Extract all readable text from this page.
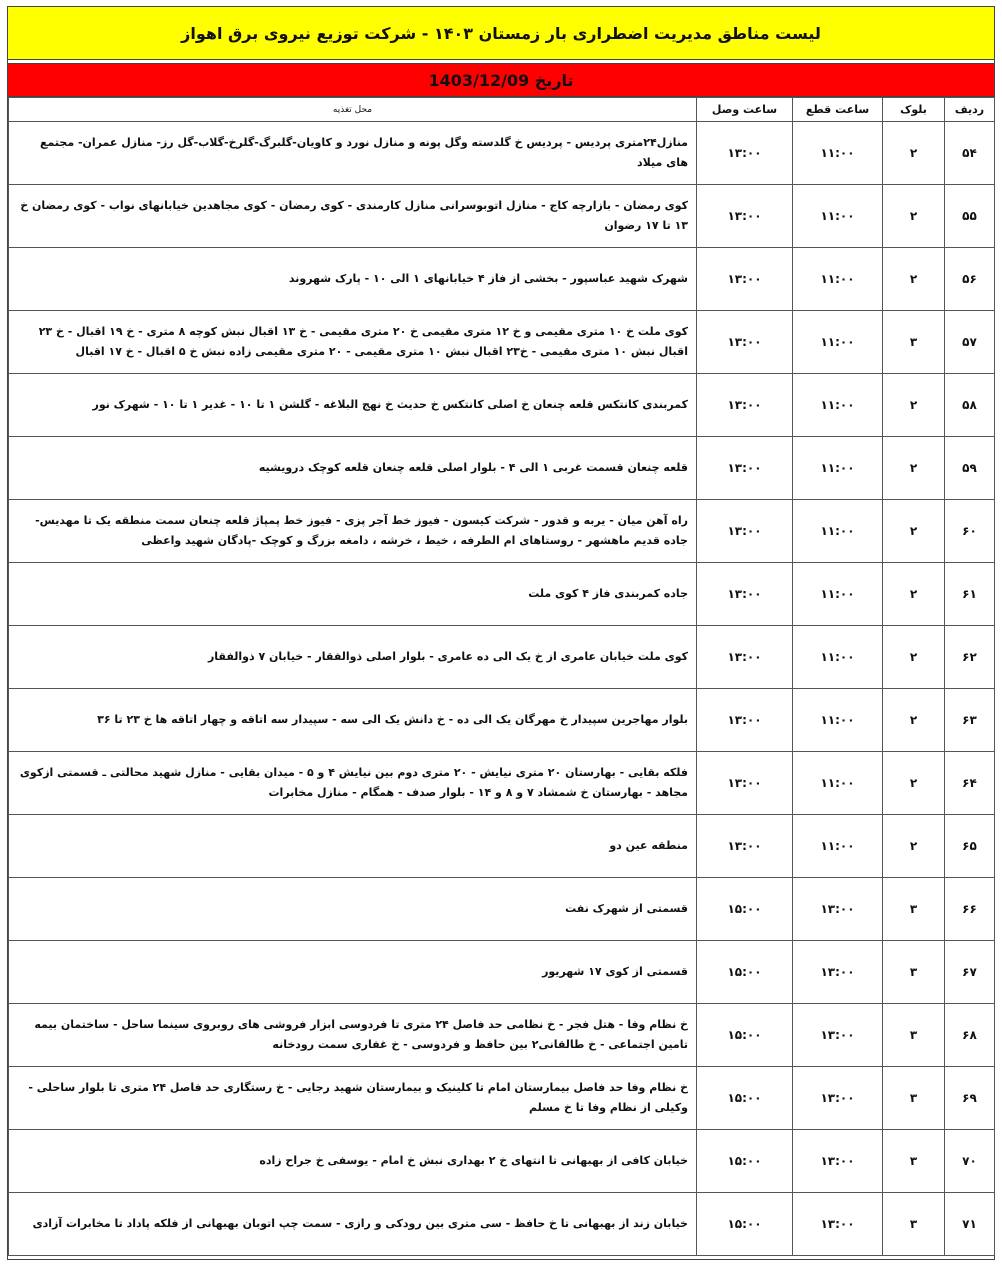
لیست مناطق مدیریت اضطراری بار زمستان ۱۴۰۳ - شرکت توزیع نیروی برق اهواز
تاریخ

1403/12/09
ردیف	بلوک	ساعت قطع	ساعت وصل	محل تغذیه
۵۴	۲	۱۱:۰۰	۱۳:۰۰	منازل۲۴متری پردیس - پردیس خ گلدسته وگل پونه و منازل نورد و کاویان-گلبرگ-گلرخ-گلاب-گل رز- منازل عمران- مجتمع های میلاد
۵۵	۲	۱۱:۰۰	۱۳:۰۰	کوی رمضان - بازارچه کاج - منازل اتوبوسرانی منازل کارمندی - کوی رمضان - کوی مجاهدین خیابانهای نواب - کوی رمضان خ ۱۳ تا ۱۷ رضوان
۵۶	۲	۱۱:۰۰	۱۳:۰۰	شهرک شهید عباسپور - بخشی از فاز ۴ خیابانهای ۱ الی ۱۰ - پارک شهروند
۵۷	۳	۱۱:۰۰	۱۳:۰۰	کوی ملت خ ۱۰ متری مقیمی و خ ۱۲ متری مقیمی خ ۲۰ متری مقیمی - خ ۱۳ اقبال نبش کوچه ۸ متری - خ ۱۹ اقبال - خ ۲۳ اقبال نبش ۱۰ متری مقیمی - خ۲۳ اقبال نبش ۱۰ متری مقیمی - ۲۰ متری مقیمی زاده نبش خ ۵ اقبال - خ ۱۷ اقبال
۵۸	۲	۱۱:۰۰	۱۳:۰۰	کمربندی کانتکس قلعه چنعان خ اصلی کانتکس خ حدیث خ نهج البلاغه - گلشن ۱ تا ۱۰ - غدیر ۱ تا ۱۰ - شهرک نور
۵۹	۲	۱۱:۰۰	۱۳:۰۰	قلعه چنعان قسمت غربی ۱ الی ۴ - بلوار اصلی قلعه چنعان قلعه کوچک درویشیه
۶۰	۲	۱۱:۰۰	۱۳:۰۰	راه آهن میان - یربه و قدور - شرکت کیسون - فیوز خط آجر پزی - فیوز خط پمپاژ قلعه چنعان سمت منطقه یک تا مهدیس-جاده قدیم ماهشهر - روستاهای ام الطرفه ، خیط ، خرشه ، دامغه بزرگ و کوچک -پادگان شهید واعظی
۶۱	۲	۱۱:۰۰	۱۳:۰۰	جاده کمربندی فاز ۴ کوی ملت
۶۲	۲	۱۱:۰۰	۱۳:۰۰	کوی ملت خیابان عامری از خ یک الی ده عامری - بلوار اصلی ذوالفقار - خیابان ۷ ذوالفقار
۶۳	۲	۱۱:۰۰	۱۳:۰۰	بلوار مهاجرین سپیدار خ مهرگان یک الی ده - خ دانش یک الی سه - سپیدار سه اتاقه و چهار اتاقه ها خ ۲۳ تا ۳۶
۶۴	۲	۱۱:۰۰	۱۳:۰۰	فلکه بقایی - بهارستان ۲۰ متری نیایش - ۲۰ متری دوم بین نیایش ۴ و ۵ - میدان بقایی - منازل شهید محالتی ـ قسمتی ازکوی مجاهد - بهارستان خ شمشاد ۷ و ۸ و ۱۴ - بلوار صدف - همگام - منازل مخابرات
۶۵	۲	۱۱:۰۰	۱۳:۰۰	منطقه عین دو
۶۶	۳	۱۳:۰۰	۱۵:۰۰	قسمتی از شهرک نفت
۶۷	۳	۱۳:۰۰	۱۵:۰۰	قسمتی از کوی ۱۷ شهریور
۶۸	۳	۱۳:۰۰	۱۵:۰۰	خ نظام وفا - هتل فجر - خ نظامی حد فاصل ۲۴ متری تا فردوسی ابزار فروشی های روبروی سینما ساحل - ساختمان بیمه تامین اجتماعی - خ طالقانی۲ بین حافظ و فردوسی - خ غفاری سمت رودخانه
۶۹	۳	۱۳:۰۰	۱۵:۰۰	خ نظام وفا حد فاصل بیمارستان امام تا کلینیک و بیمارستان شهید رجایی - خ رستگاری حد فاصل ۲۴ متری تا بلوار ساحلی - وکیلی از نظام وفا تا خ مسلم
۷۰	۳	۱۳:۰۰	۱۵:۰۰	خیابان کافی از بهبهانی تا انتهای خ ۲ بهداری نبش خ امام - یوسفی خ جراح زاده
۷۱	۳	۱۳:۰۰	۱۵:۰۰	خیابان زند از بهبهانی تا خ حافظ - سی متری بین رودکی و رازی - سمت چپ اتوبان بهبهانی از فلکه پاداد تا مخابرات آزادی
